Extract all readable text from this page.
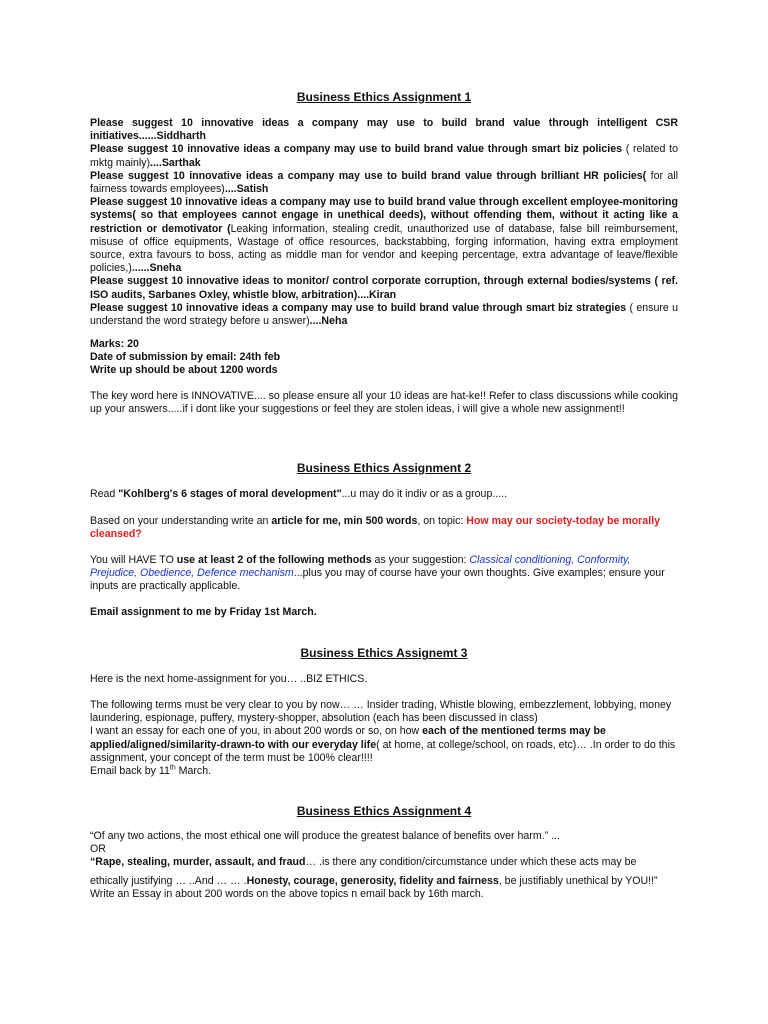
Business Ethics Assignment 1

Please suggest 10 innovative ideas a company may use to build brand value through intelligent CSR initiatives......Siddharth

Please suggest 10 innovative ideas a company may use to build brand value through smart biz policies ( related to mktg mainly)....Sarthak

Please suggest 10 innovative ideas a company may use to build brand value through brilliant HR policies( for all fairness towards employees)....Satish

Please suggest 10 innovative ideas a company may use to build brand value through excellent employee-monitoring systems( so that employees cannot engage in unethical deeds), without offending them, without it acting like a restriction or demotivator (Leaking information, stealing credit, unauthorized use of database, false bill reimbursement, misuse of office equipments, Wastage of office resources, backstabbing, forging information, having extra employment source, extra favours to boss, acting as middle man for vendor and keeping percentage, extra advantage of leave/flexible policies,)......Sneha

Please suggest 10 innovative ideas to monitor/ control corporate corruption, through external bodies/systems ( ref. ISO audits, Sarbanes Oxley, whistle blow, arbitration)....Kiran

Please suggest 10 innovative ideas a company may use to build brand value through smart biz strategies ( ensure u understand the word strategy before u answer)....Neha

Marks: 20

Date of submission by email: 24th feb

Write up should be about 1200 words

The key word here is INNOVATIVE.... so please ensure all your 10 ideas are hat-ke!! Refer to class discussions while cooking up your answers.....if i dont like your suggestions or feel they are stolen ideas, i will give a whole new assignment!!
Business Ethics Assignment 2
Read "Kohlberg's 6 stages of moral development"...u may do it indiv or as a group.....
Based on your understanding write an article for me, min 500 words, on topic: How may our society-today be morally cleansed?
You will HAVE TO use at least 2 of the following methods as your suggestion: Classical conditioning, Conformity, Prejudice, Obedience, Defence mechanism...plus you may of course have your own thoughts. Give examples; ensure your inputs are practically applicable.
Email assignment to me by Friday 1st March.
Business Ethics Assignemt 3
Here is the next home-assignment for you… ..BIZ ETHICS.

The following terms must be very clear to you by now… … Insider trading, Whistle blowing, embezzlement, lobbying, money laundering, espionage, puffery, mystery-shopper, absolution (each has been discussed in class)

I want an essay for each one of you, in about 200 words or so, on how each of the mentioned terms may be applied/aligned/similarity-drawn-to with our everyday life( at home, at college/school, on roads, etc)… .In order to do this assignment, your concept of the term must be 100% clear!!!!

Email back by 11th March.

Business Ethics Assignment 4

“Of any two actions, the most ethical one will produce the greatest balance of benefits over harm.” ...

OR

“Rape, stealing, murder, assault, and fraud… .is there any condition/circumstance under which these acts may be

ethically justifying … ..And … … .Honesty, courage, generosity, fidelity and fairness, be justifiably unethical by YOU!!” Write an Essay in about 200 words on the above topics n email back by 16th march.
